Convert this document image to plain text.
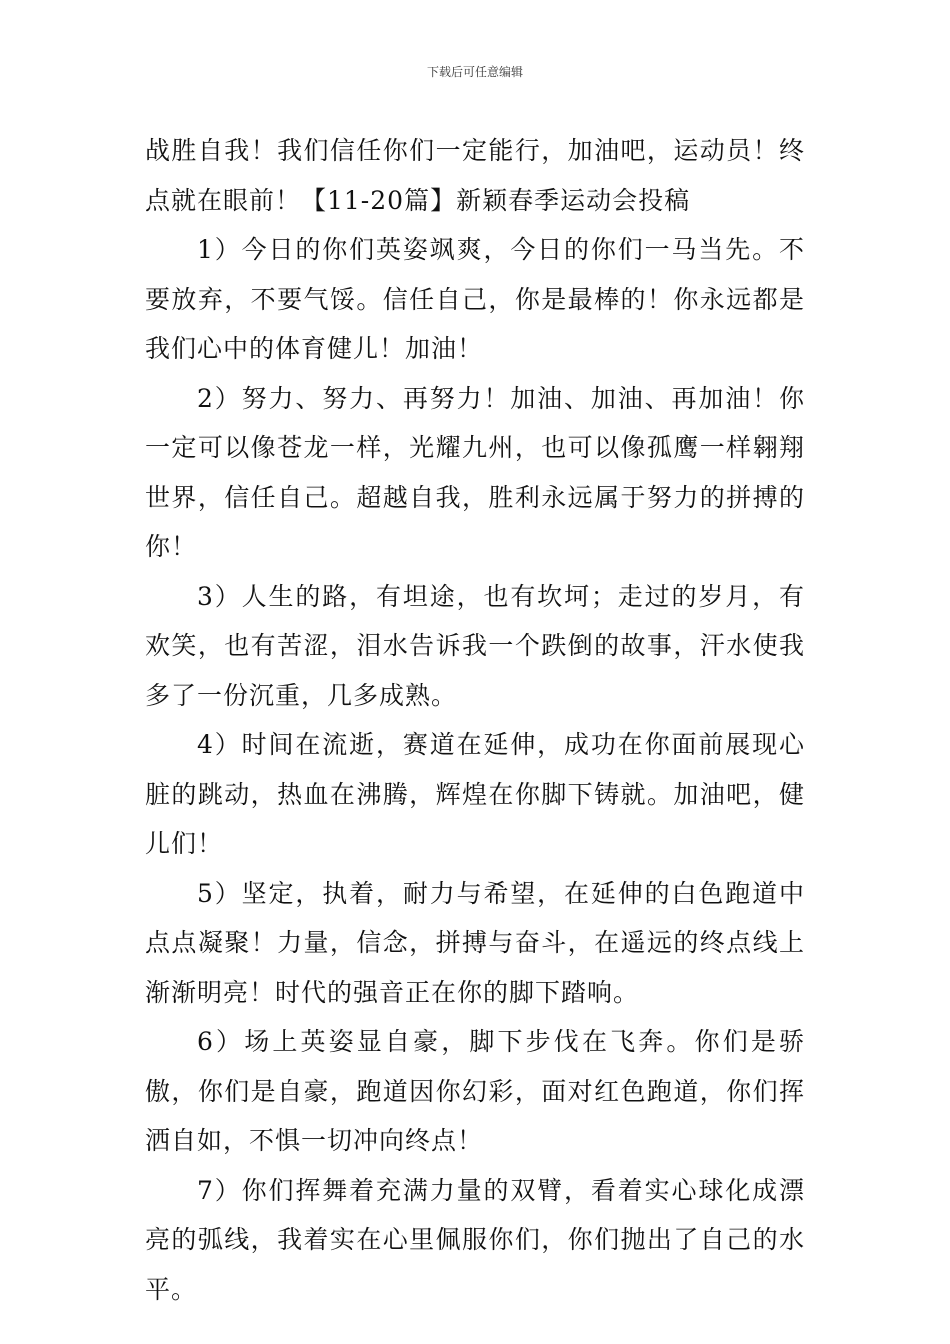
下载后可任意编辑

战胜自我！我们信任你们一定能行，加油吧，运动员！终点就在眼前！【11-20篇】新颖春季运动会投稿

1）今日的你们英姿飒爽，今日的你们一马当先。不要放弃，不要气馁。信任自己，你是最棒的！你永远都是我们心中的体育健儿！加油！

2）努力、努力、再努力！加油、加油、再加油！你一定可以像苍龙一样，光耀九州，也可以像孤鹰一样翱翔世界，信任自己。超越自我，胜利永远属于努力的拼搏的你！

3）人生的路，有坦途，也有坎坷；走过的岁月，有欢笑，也有苦涩，泪水告诉我一个跌倒的故事，汗水使我多了一份沉重，几多成熟。

4）时间在流逝，赛道在延伸，成功在你面前展现心脏的跳动，热血在沸腾，辉煌在你脚下铸就。加油吧，健儿们！

5）坚定，执着，耐力与希望，在延伸的白色跑道中点点凝聚！力量，信念，拼搏与奋斗，在遥远的终点线上渐渐明亮！时代的强音正在你的脚下踏响。

6）场上英姿显自豪，脚下步伐在飞奔。你们是骄傲，你们是自豪，跑道因你幻彩，面对红色跑道，你们挥洒自如，不惧一切冲向终点！

7）你们挥舞着充满力量的双臂，看着实心球化成漂亮的弧线，我着实在心里佩服你们，你们抛出了自己的水平。
